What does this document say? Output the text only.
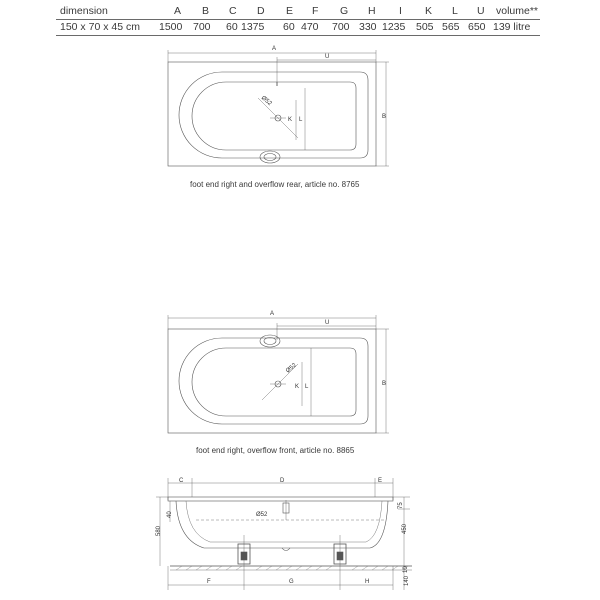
dimension	A B C D E F G H I K L U volume**
150 x 70 x 45 cm 1500 700 60 1375 60 470 700 330 1235 505 565 650 139 litre
A
U
B
Ø52
K L
A
U
B
Ø52
K L
C	D	E
Ø52
F	G	H
580
40
75
450
140
10
foot end right and overflow rear, article no. 8765
foot end right, overflow front, article no. 8865
